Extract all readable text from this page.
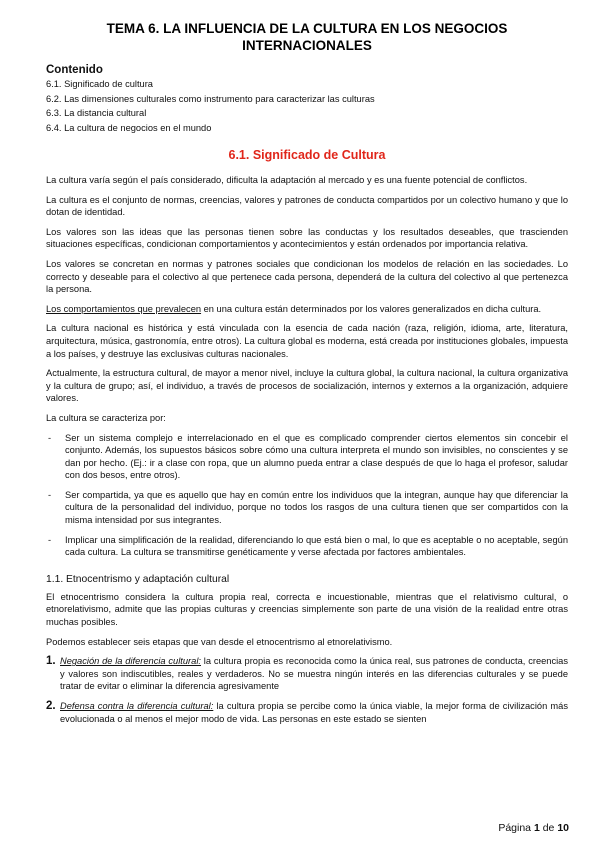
TEMA 6. LA INFLUENCIA DE LA CULTURA EN LOS NEGOCIOS
INTERNACIONALES
Contenido
6.1. Significado de cultura
6.2. Las dimensiones culturales como instrumento para caracterizar las culturas
6.3. La distancia cultural
6.4. La cultura de negocios en el mundo
6.1. Significado de Cultura

La cultura varía según el país considerado, dificulta la adaptación al mercado y es una fuente potencial de conflictos.

La cultura es el conjunto de normas, creencias, valores y patrones de conducta compartidos por un colectivo humano y que lo dotan de identidad.

Los valores son las ideas que las personas tienen sobre las conductas y los resultados deseables, que trascienden situaciones específicas, condicionan comportamientos y acontecimientos y están ordenados por importancia relativa.

Los valores se concretan en normas y patrones sociales que condicionan los modelos de relación en las sociedades. Lo correcto y deseable para el colectivo al que pertenece cada persona, dependerá de la cultura del colectivo al que pertenezca la persona.

Los comportamientos que prevalecen en una cultura están determinados por los valores generalizados en dicha cultura.

La cultura nacional es histórica y está vinculada con la esencia de cada nación (raza, religión, idioma, arte, literatura, arquitectura, música, gastronomía, entre otros). La cultura global es moderna, está creada por instituciones globales, impuesta a los países, y destruye las exclusivas culturas nacionales.

Actualmente, la estructura cultural, de mayor a menor nivel, incluye la cultura global, la cultura nacional, la cultura organizativa y la cultura de grupo; así, el individuo, a través de procesos de socialización, internos y externos a la organización, adquiere valores.

La cultura se caracteriza por:

-	Ser un sistema complejo e interrelacionado en el que es complicado comprender ciertos elementos sin concebir el conjunto. Además, los supuestos básicos sobre cómo una cultura interpreta el mundo son invisibles, no conscientes y se dan por hecho. (Ej.: ir a clase con ropa, que un alumno pueda entrar a clase después de que lo haga el profesor, saludar con dos besos, entre otros).
-	Ser compartida, ya que es aquello que hay en común entre los individuos que la integran, aunque hay que diferenciar la cultura de la personalidad del individuo, porque no todos los rasgos de una cultura tienen que ser compartidos con la misma intensidad por sus integrantes.
-	Implicar una simplificación de la realidad, diferenciando lo que está bien o mal, lo que es aceptable o no aceptable, según cada cultura. La cultura se transmitirse genéticamente y verse afectada por factores ambientales.
1.1. Etnocentrismo y adaptación cultural

El etnocentrismo considera la cultura propia real, correcta e incuestionable, mientras que el relativismo cultural, o etnorelativismo, admite que las propias culturas y creencias simplemente son parte de una visión de la realidad entre otras muchas posibles.

Podemos establecer seis etapas que van desde el etnocentrismo al etnorelativismo.

1. Negación de la diferencia cultural: la cultura propia es reconocida como la única real, sus patrones de conducta, creencias y valores son indiscutibles, reales y verdaderos. No se muestra ningún interés en las diferencias culturales y se puede tratar de evitar o eliminar la diferencia agresivamente
2. Defensa contra la diferencia cultural: la cultura propia se percibe como la única viable, la mejor forma de civilización más evolucionada o al menos el mejor modo de vida. Las personas en este estado se sienten
Página 1 de 10
